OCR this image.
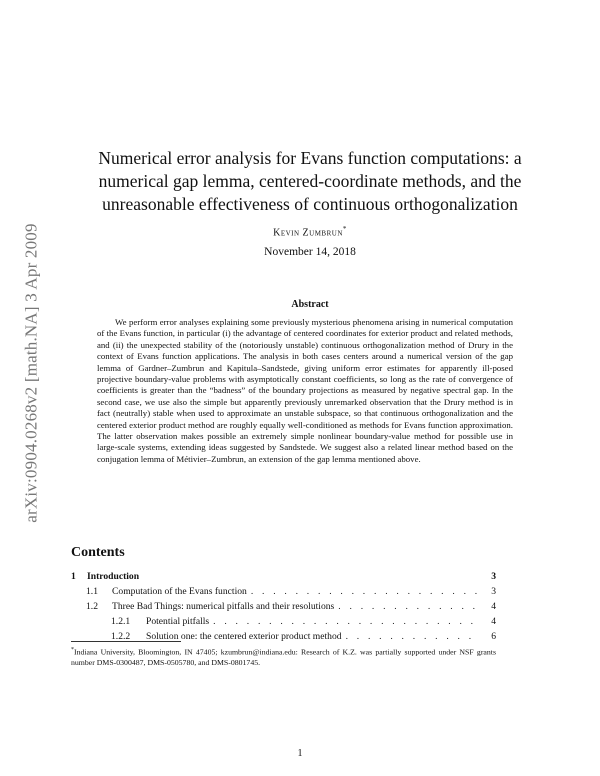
arXiv:0904.0268v2 [math.NA] 3 Apr 2009
Numerical error analysis for Evans function computations: a numerical gap lemma, centered-coordinate methods, and the unreasonable effectiveness of continuous orthogonalization
Kevin Zumbrun*
November 14, 2018
Abstract

We perform error analyses explaining some previously mysterious phenomena arising in numerical computation of the Evans function, in particular (i) the advantage of centered coordinates for exterior product and related methods, and (ii) the unexpected stability of the (notoriously unstable) continuous orthogonalization method of Drury in the context of Evans function applications. The analysis in both cases centers around a numerical version of the gap lemma of Gardner–Zumbrun and Kapitula–Sandstede, giving uniform error estimates for apparently ill-posed projective boundary-value problems with asymptotically constant coefficients, so long as the rate of convergence of coefficients is greater than the “badness” of the boundary projections as measured by negative spectral gap. In the second case, we use also the simple but apparently previously unremarked observation that the Drury method is in fact (neutrally) stable when used to approximate an unstable subspace, so that continuous orthogonalization and the centered exterior product method are roughly equally well-conditioned as methods for Evans function approximation. The latter observation makes possible an extremely simple nonlinear boundary-value method for possible use in large-scale systems, extending ideas suggested by Sandstede. We suggest also a related linear method based on the conjugation lemma of Métivier–Zumbrun, an extension of the gap lemma mentioned above.

Contents
1	Introduction	3
1.1	Computation of the Evans function . . .	3
1.2	Three Bad Things: numerical pitfalls and their resolutions . . .	4
1.2.1	Potential pitfalls . . .	4
1.2.2	Solution one: the centered exterior product method . . .	6

*Indiana University, Bloomington, IN 47405; kzumbrun@indiana.edu: Research of K.Z. was partially supported under NSF grants number DMS-0300487, DMS-0505780, and DMS-0801745.

1
